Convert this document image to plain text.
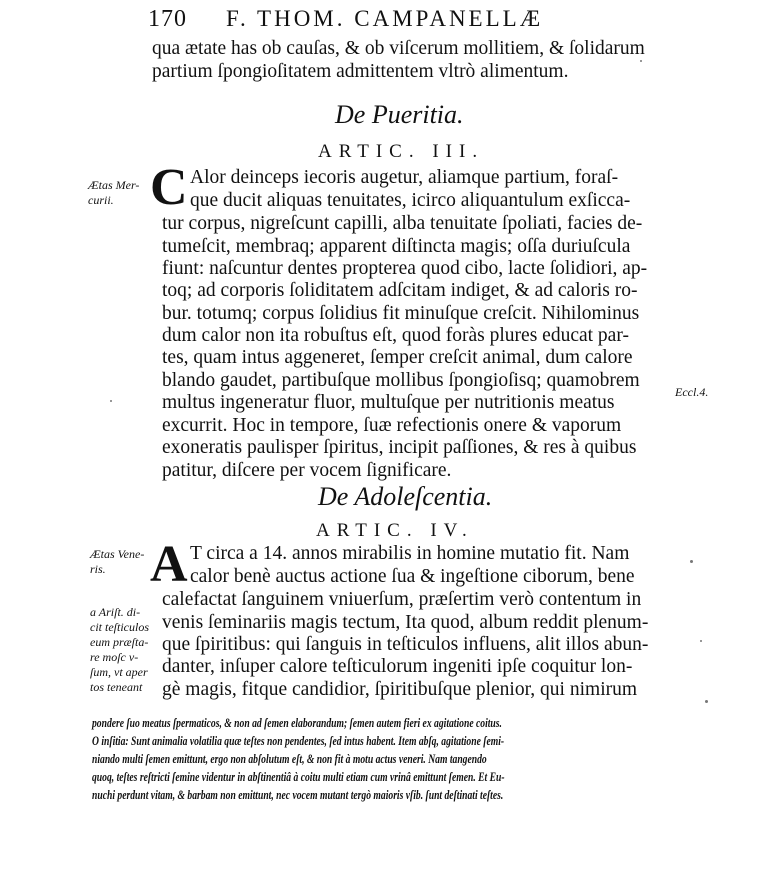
170 F. THOM. CAMPANELLÆ
qua ætate has ob cauſas, & ob viſcerum mollitiem, & ſolidarum
partium ſpongioſitatem admittentem vltrò alimentum.
De Pueritia.
ARTIC. III.
Ætas Mer-
curii. C Alor deinceps iecoris augetur, aliamque partium, foraſ-
que ducit aliquas tenuitates, icirco aliquantulum exſicca-
tur corpus, nigreſcunt capilli, alba tenuitate ſpoliati, facies de-
tumeſcit, membraq; apparent diſtincta magis; oſſa duriuſcula
fiunt: naſcuntur dentes propterea quod cibo, lacte ſolidiori, ap-
toq; ad corporis ſoliditatem adſcitam indiget, & ad caloris ro-
bur. totumq; corpus ſolidius fit minuſque creſcit. Nihilominus
dum calor non ita robuſtus eſt, quod foràs plures educat par-
tes, quam intus aggeneret, ſemper creſcit animal, dum calore
blando gaudet, partibuſque mollibus ſpongioſisq; quamobrem
multus ingeneratur fluor, multuſque per nutritionis meatus
excurrit. Hoc in tempore, ſuæ refectionis onere & vaporum
exoneratis paulisper ſpiritus, incipit paſſiones, & res à quibus
patitur, diſcere per vocem ſignificare.
Eccl.4.
De Adoleſcentia.
ARTIC. IV.
Ætas Vene-
ris.
a Ariſt. di-
cit teſticulos
eum præſta-
re moſc v-
ſum, vt aper
tos teneant
A T circa a 14. annos mirabilis in homine mutatio fit. Nam
calor benè auctus actione ſua & ingeſtione ciborum, bene
calefactat ſanguinem vniuerſum, præſertim verò contentum in
venis ſeminariis magis tectum, Ita quod, album reddit plenum-
que ſpiritibus: qui ſanguis in teſticulos influens, alit illos abun-
danter, inſuper calore teſticulorum ingeniti ipſe coquitur lon-
gè magis, fitque candidior, ſpiritibuſque plenior, qui nimirum
pondere ſuo meatus ſpermaticos, & non ad ſemen elaborandum; ſemen autem fieri ex agitatione coitus.
O inſitia: Sunt animalia volatilia quæ teſtes non pendentes, ſed intus habent. Item abſq, agitatione ſemi-
niando multi ſemen emittunt, ergo non abſolutum eſt, & non fit à motu actus veneri. Nam tangendo
quoq, teſtes reſtricti ſemine videntur in abſtinentiâ à coitu multi etiam cum vrinâ emittunt ſemen. Et Eu-
nuchi perdunt vitam, & barbam non emittunt, nec vocem mutant tergò maioris vſib. ſunt deſtinati teſtes.
